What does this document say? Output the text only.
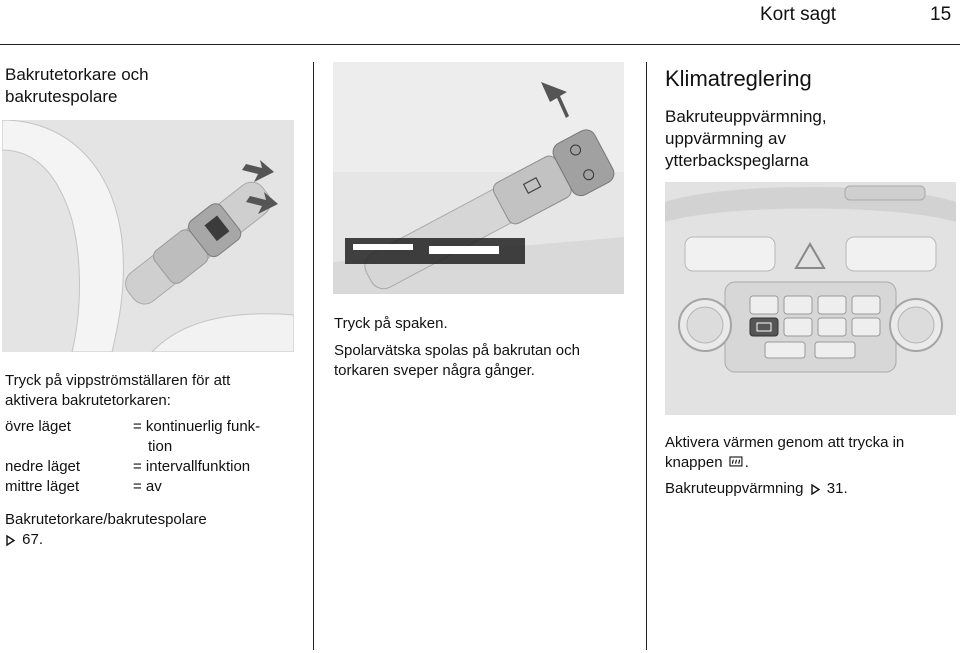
Kort sagt	15
Bakrutetorkare och bakrutespolare
Tryck på vippströmställaren för att
aktivera bakrutetorkaren:
övre läget	= kontinuerlig funk-
tion
nedre läget	= intervallfunktion
mittre läget	= av
Bakrutetorkare/bakrutespolare
67.
Tryck på spaken.
Spolarvätska spolas på bakrutan och
torkaren sveper några gånger.
Klimatreglering
Bakruteuppvärmning,
uppvärmning av
ytterbackspeglarna
Aktivera värmen genom att trycka in
knappen .
Bakruteuppvärmning 31.
